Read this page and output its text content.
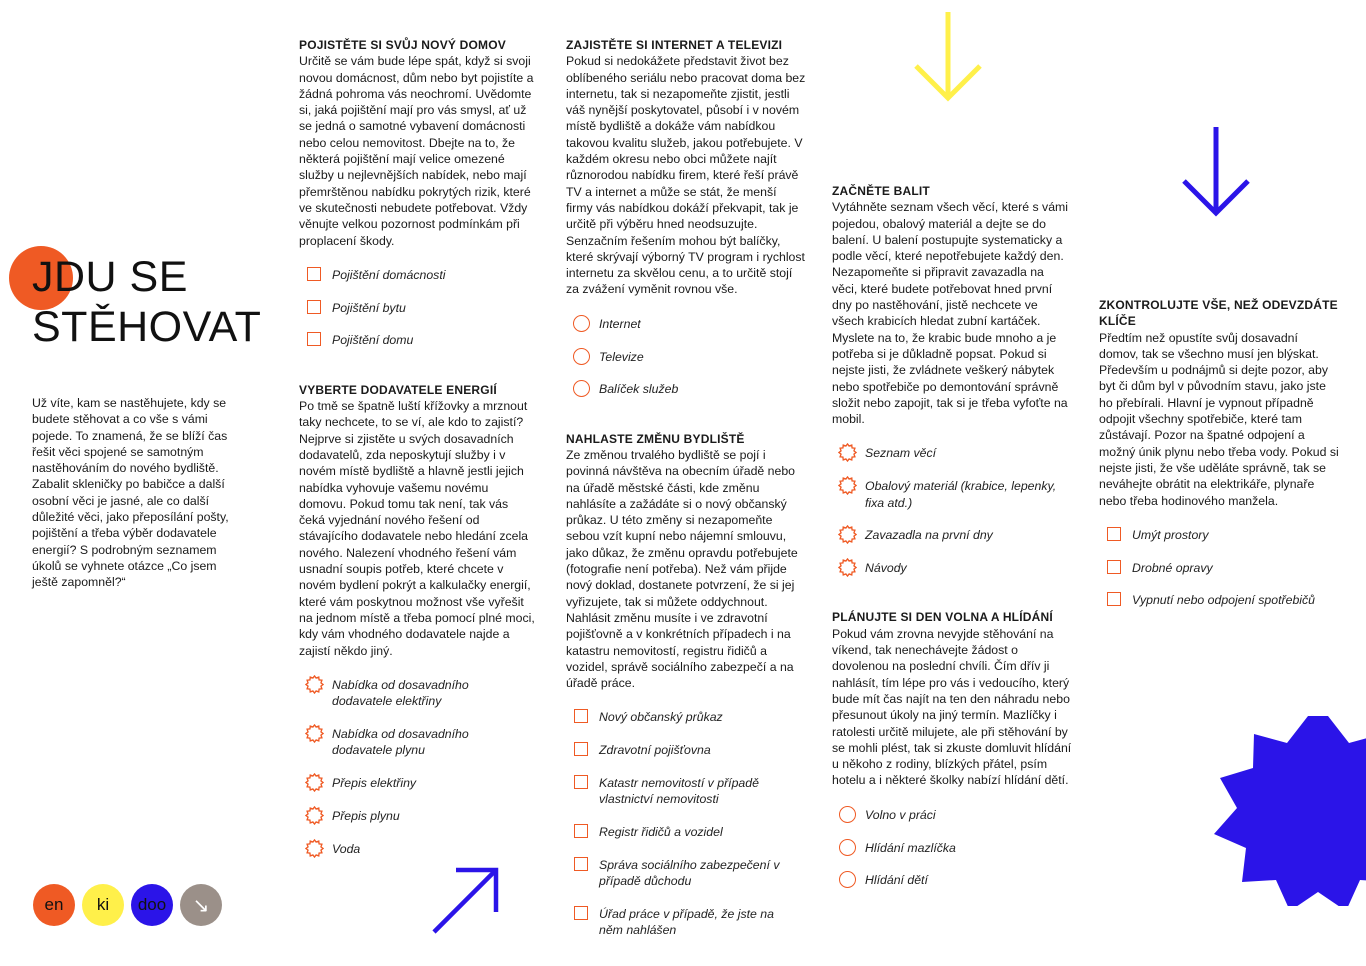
JDU SE
STĚHOVAT

Už víte, kam se nastěhujete, kdy se budete stěhovat a co vše s vámi pojede. To znamená, že se blíží čas řešit věci spojené se samotným nastěhováním do nového bydliště. Zabalit skleničky po babičce a další osobní věci je jasné, ale co další důležité věci, jako přeposílání pošty, pojištění a třeba výběr dodavatele energií? S podrobným seznamem úkolů se vyhnete otázce „Co jsem ještě zapomněl?“

POJISTĚTE SI SVŮJ NOVÝ DOMOV

Určitě se vám bude lépe spát, když si svoji novou domácnost, dům nebo byt pojistíte a žádná pohroma vás neochromí. Uvědomte si, jaká pojištění mají pro vás smysl, ať už se jedná o samotné vybavení domácnosti nebo celou nemovitost. Dbejte na to, že některá pojištění mají velice omezené služby u nejlevnějších nabídek, nebo mají přemrštěnou nabídku pokrytých rizik, které ve skutečnosti nebudete potřebovat. Vždy věnujte velkou pozornost podmínkám při proplacení škody.

Pojištění domácnosti
Pojištění bytu
Pojištění domu
VYBERTE DODAVATELE ENERGIÍ

Po tmě se špatně luští křížovky a mrznout taky nechcete, to se ví, ale kdo to zajistí? Nejprve si zjistěte u svých dosavadních dodavatelů, zda neposkytují služby i v novém místě bydliště a hlavně jestli jejich nabídka vyhovuje vašemu novému domovu. Pokud tomu tak není, tak vás čeká vyjednání nového řešení od stávajícího dodavatele nebo hledání zcela nového. Nalezení vhodného řešení vám usnadní soupis potřeb, které chcete v novém bydlení pokrýt a kalkulačky energií, které vám poskytnou možnost vše vyřešit na jednom místě a třeba pomocí plné moci, kdy vám vhodného dodavatele najde a zajistí někdo jiný.

Nabídka od dosavadního dodavatele elektřiny
Nabídka od dosavadního dodavatele plynu
Přepis elektřiny
Přepis plynu
Voda
ZAJISTĚTE SI INTERNET A TELEVIZI

Pokud si nedokážete představit život bez oblíbeného seriálu nebo pracovat doma bez internetu, tak si nezapomeňte zjistit, jestli váš nynější poskytovatel, působí i v novém místě bydliště a dokáže vám nabídkou takovou kvalitu služeb, jakou potřebujete. V každém okresu nebo obci můžete najít různorodou nabídku firem, které řeší právě TV a internet a může se stát, že menší firmy vás nabídkou dokáží překvapit, tak je určitě při výběru hned neodsuzujte. Senzačním řešením mohou být balíčky, které skrývají výborný TV program i rychlost internetu za skvělou cenu, a to určitě stojí za zvážení vyměnit rovnou vše.

Internet
Televize
Balíček služeb
NAHLASTE ZMĚNU BYDLIŠTĚ

Ze změnou trvalého bydliště se pojí i povinná návštěva na obecním úřadě nebo na úřadě městské části, kde změnu nahlásíte a zažádáte si o nový občanský průkaz. U této změny si nezapomeňte sebou vzít kupní nebo nájemní smlouvu, jako důkaz, že změnu opravdu potřebujete (fotografie není potřeba). Než vám přijde nový doklad, dostanete potvrzení, že si jej vyřizujete, tak si můžete oddychnout. Nahlásit změnu musíte i ve zdravotní pojišťovně a v konkrétních případech i na katastru nemovitostí, registru řidičů a vozidel, správě sociálního zabezpečí a na úřadě práce.

Nový občanský průkaz
Zdravotní pojišťovna
Katastr nemovitostí v případě vlastnictví nemovitosti
Registr řidičů a vozidel
Správa sociálního zabezpečení v případě důchodu
Úřad práce v případě, že jste na něm nahlášen
ZAČNĚTE BALIT

Vytáhněte seznam všech věcí, které s vámi pojedou, obalový materiál a dejte se do balení. U balení postupujte systematicky a podle věcí, které nepotřebujete každý den. Nezapomeňte si připravit zavazadla na věci, které budete potřebovat hned první dny po nastěhování, jistě nechcete ve všech krabicích hledat zubní kartáček. Myslete na to, že krabic bude mnoho a je potřeba si je důkladně popsat. Pokud si nejste jisti, že zvládnete veškerý nábytek nebo spotřebiče po demontování správně složit nebo zapojit, tak si je třeba vyfoťte na mobil.

Seznam věcí
Obalový materiál (krabice, lepenky, fixa atd.)
Zavazadla na první dny
Návody
PLÁNUJTE SI DEN VOLNA A HLÍDÁNÍ

Pokud vám zrovna nevyjde stěhování na víkend, tak nenechávejte žádost o dovolenou na poslední chvíli. Čím dřív ji nahlásít, tím lépe pro vás i vedoucího, který bude mít čas najít na ten den náhradu nebo přesunout úkoly na jiný termín. Mazlíčky i ratolesti určitě milujete, ale při stěhování by se mohli plést, tak si zkuste domluvit hlídání u někoho z rodiny, blízkých přátel, psím hotelu a i některé školky nabízí hlídání dětí.

Volno v práci
Hlídání mazlíčka
Hlídání dětí
ZKONTROLUJTE VŠE, NEŽ ODEVZDÁTE KLÍČE

Předtím než opustíte svůj dosavadní domov, tak se všechno musí jen blýskat. Především u podnájmů si dejte pozor, aby byt či dům byl v původním stavu, jako jste ho přebírali. Hlavní je vypnout případně odpojit všechny spotřebiče, které tam zůstávají. Pozor na špatné odpojení a možný únik plynu nebo třeba vody. Pokud si nejste jisti, že vše uděláte správně, tak se neváhejte obrátit na elektrikáře, plynaře nebo třeba hodinového manžela.

Umýt prostory
Drobné opravy
Vypnutí nebo odpojení spotřebičů
en ki doo ↘
